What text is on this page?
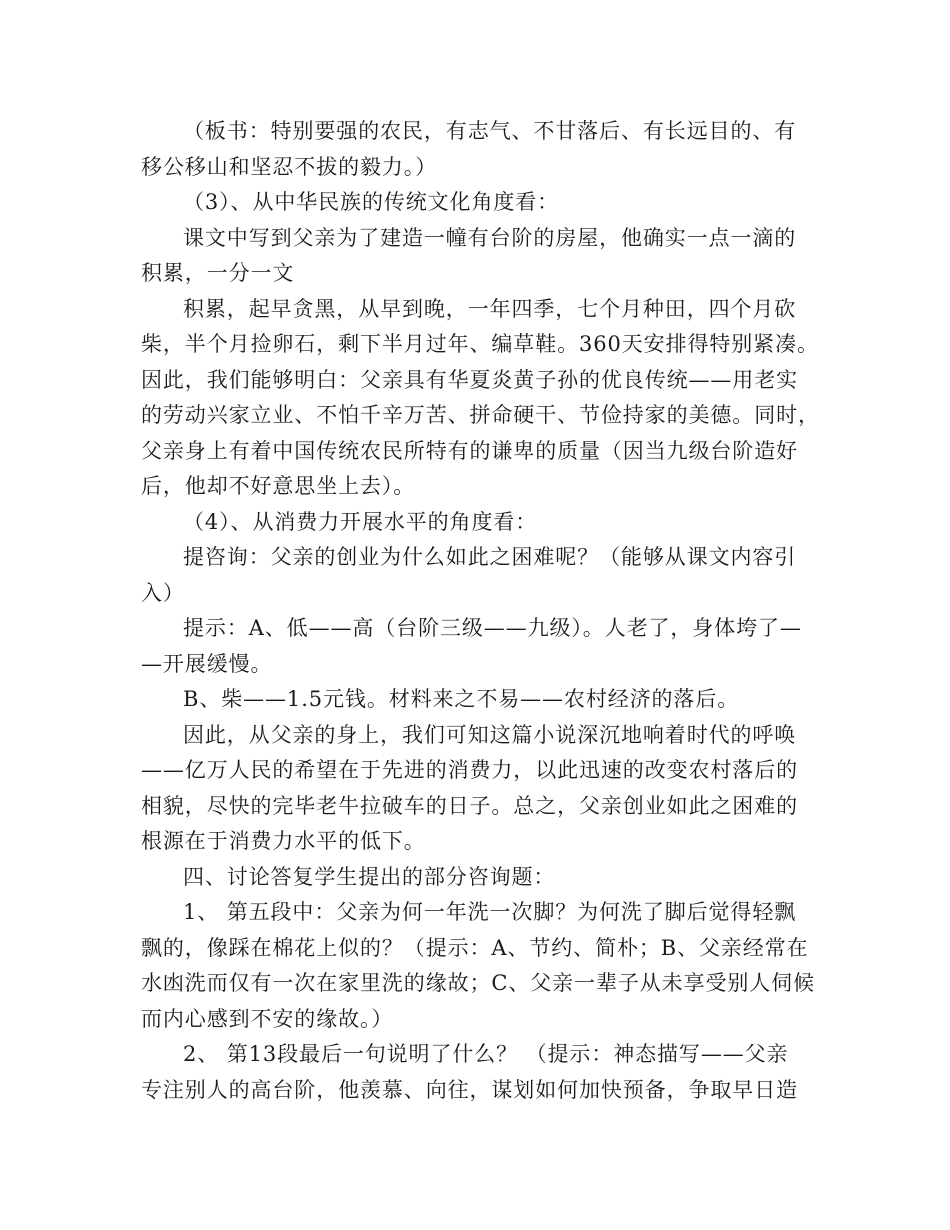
（板书：特别要强的农民，有志气、不甘落后、有长远目的、有
移公移山和坚忍不拔的毅力。）
（3）、从中华民族的传统文化角度看：
课文中写到父亲为了建造一幢有台阶的房屋，他确实一点一滴的
积累，一分一文
积累，起早贪黑，从早到晚，一年四季，七个月种田，四个月砍
柴，半个月捡卵石，剩下半月过年、编草鞋。360天安排得特别紧凑。
因此，我们能够明白：父亲具有华夏炎黄子孙的优良传统——用老实
的劳动兴家立业、不怕千辛万苦、拼命硬干、节俭持家的美德。同时，
父亲身上有着中国传统农民所特有的谦卑的质量（因当九级台阶造好
后，他却不好意思坐上去）。
（4）、从消费力开展水平的角度看：
提咨询：父亲的创业为什么如此之困难呢？（能够从课文内容引
入）
提示：A、低——高（台阶三级——九级）。人老了，身体垮了—
—开展缓慢。
B、柴——1.5元钱。材料来之不易——农村经济的落后。
因此，从父亲的身上，我们可知这篇小说深沉地响着时代的呼唤
——亿万人民的希望在于先进的消费力，以此迅速的改变农村落后的
相貌，尽快的完毕老牛拉破车的日子。总之，父亲创业如此之困难的
根源在于消费力水平的低下。
四、讨论答复学生提出的部分咨询题：
1、 第五段中：父亲为何一年洗一次脚？为何洗了脚后觉得轻飘
飘的，像踩在棉花上似的？（提示：A、节约、简朴；B、父亲经常在
水凼洗而仅有一次在家里洗的缘故；C、父亲一辈子从未享受别人伺候
而内心感到不安的缘故。）
2、 第13段最后一句说明了什么？ （提示：神态描写——父亲
专注别人的高台阶，他羡慕、向往，谋划如何加快预备，争取早日造
